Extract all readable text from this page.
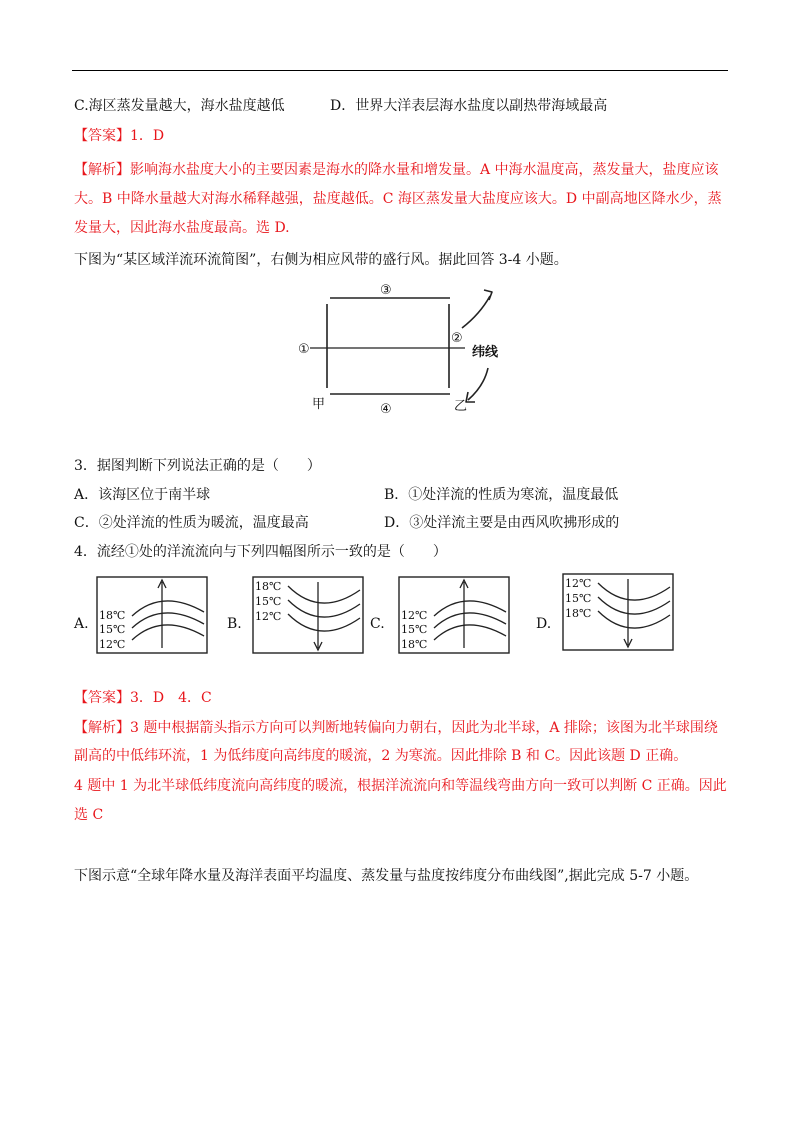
C.海区蒸发量越大，海水盐度越低	D．世界大洋表层海水盐度以副热带海域最高
【答案】1．D
【解析】影响海水盐度大小的主要因素是海水的降水量和增发量。A 中海水温度高，蒸发量大，盐度应该
大。B 中降水量越大对海水稀释越强，盐度越低。C 海区蒸发量大盐度应该大。D 中副高地区降水少，蒸
发量大，因此海水盐度最高。选 D.
下图为“某区域洋流环流简图”，右侧为相应风带的盛行风。据此回答 3-4 小题。
③
①
②
④
甲	乙
纬线
3．据图判断下列说法正确的是（　　）
A．该海区位于南半球	B．①处洋流的性质为寒流，温度最低
C．②处洋流的性质为暖流，温度最高	D．③处洋流主要是由西风吹拂形成的
4．流经①处的洋流流向与下列四幅图所示一致的是（　　）
A.
18℃
15℃
12℃
B.
18℃
15℃
12℃	C.
12℃
15℃
18℃
D.
12℃
15℃
18℃
【答案】3．D　4．C
【解析】3 题中根据箭头指示方向可以判断地转偏向力朝右，因此为北半球，A 排除；该图为北半球围绕
副高的中低纬环流，1 为低纬度向高纬度的暖流，2 为寒流。因此排除 B 和 C。因此该题 D 正确。
4 题中 1 为北半球低纬度流向高纬度的暖流，根据洋流流向和等温线弯曲方向一致可以判断 C 正确。因此
选 C
下图示意“全球年降水量及海洋表面平均温度、蒸发量与盐度按纬度分布曲线图”,据此完成 5-7 小题。
